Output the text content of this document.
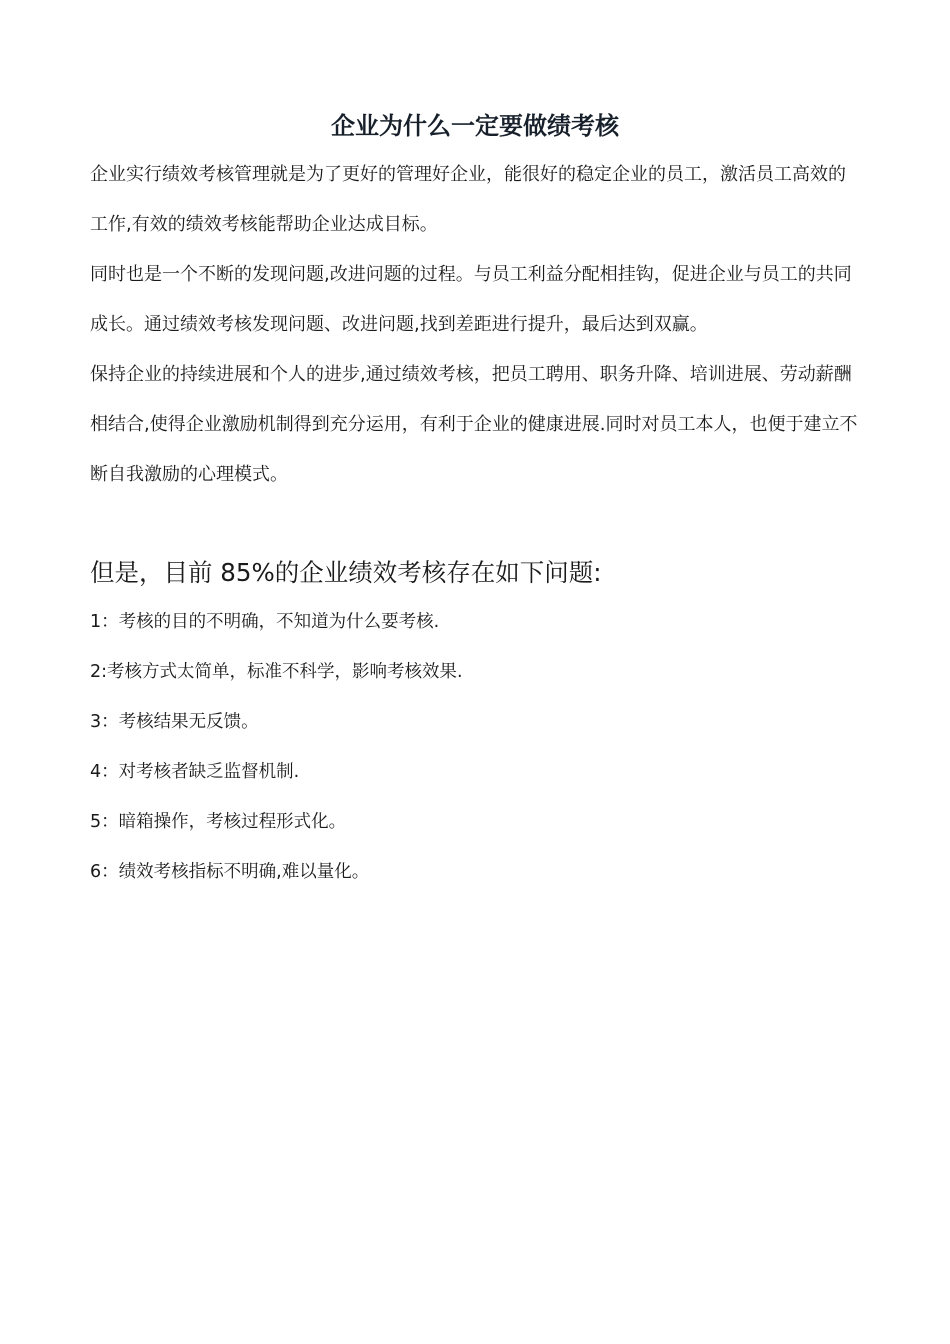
企业为什么一定要做绩考核

企业实行绩效考核管理就是为了更好的管理好企业，能很好的稳定企业的员工，激活员工高效的工作,有效的绩效考核能帮助企业达成目标。

同时也是一个不断的发现问题,改进问题的过程。与员工利益分配相挂钩，促进企业与员工的共同成长。通过绩效考核发现问题、改进问题,找到差距进行提升，最后达到双赢。

保持企业的持续进展和个人的进步,通过绩效考核，把员工聘用、职务升降、培训进展、劳动薪酬相结合,使得企业激励机制得到充分运用，有利于企业的健康进展.同时对员工本人，也便于建立不断自我激励的心理模式。

但是，目前 85%的企业绩效考核存在如下问题:
1：考核的目的不明确，不知道为什么要考核.
2:考核方式太简单，标准不科学，影响考核效果.
3：考核结果无反馈。
4：对考核者缺乏监督机制.
5：暗箱操作，考核过程形式化。
6：绩效考核指标不明确,难以量化。
